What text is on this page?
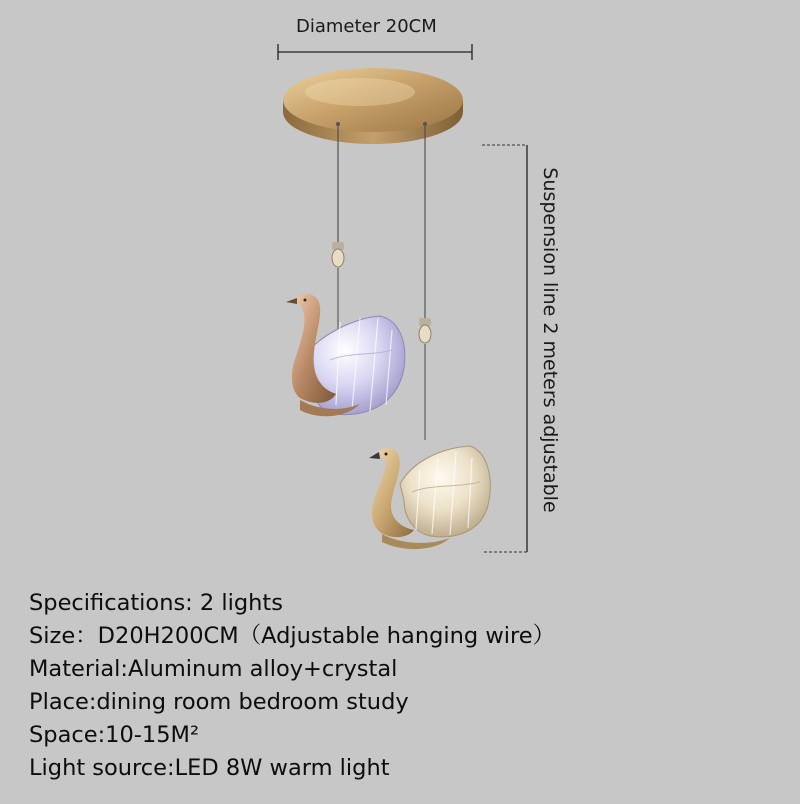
Diameter 20CM
Suspension line 2 meters adjustable
Specifications: 2 lights
Size：D20H200CM（Adjustable hanging wire）
Material:Aluminum alloy+crystal
Place:dining room bedroom study
Space:10-15M²
Light source:LED 8W warm light
